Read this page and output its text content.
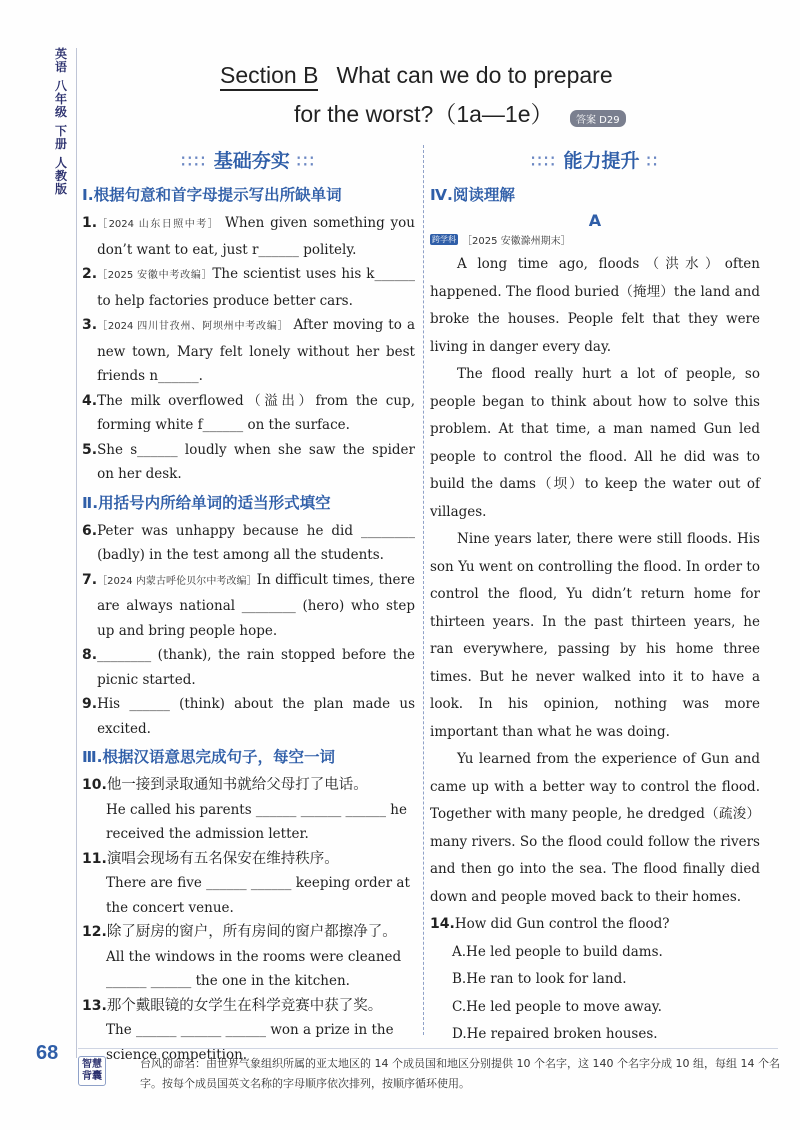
英语
八年级
下册
人教版
Section B What can we do to prepare
for the worst?（1a—1e）	答案 D29
⁚⁚⁚⁚ 基础夯实 ⁚⁚⁚
Ⅰ.根据句意和首字母提示写出所缺单词
1. ［2024 山东日照中考］ When given something you don’t want to eat, just r______ politely.
2. ［2025 安徽中考改编］The scientist uses his k______ to help factories produce better cars.
3. ［2024 四川甘孜州、阿坝州中考改编］ After moving to a new town, Mary felt lonely without her best friends n______.
4. The milk overflowed（溢出）from the cup, forming white f______ on the surface.
5. She s______ loudly when she saw the spider on her desk.
Ⅱ.用括号内所给单词的适当形式填空
6. Peter was unhappy because he did ________ (badly) in the test among all the students.
7. ［2024 内蒙古呼伦贝尔中考改编］In difficult times, there are always national ________ (hero) who step up and bring people hope.
8. ________ (thank), the rain stopped before the picnic started.
9. His ______ (think) about the plan made us excited.
Ⅲ.根据汉语意思完成句子，每空一词
10. 他一接到录取通知书就给父母打了电话。
He called his parents ______ ______ ______ he received the admission letter.
11. 演唱会现场有五名保安在维持秩序。
There are five ______ ______ keeping order at the concert venue.
12. 除了厨房的窗户，所有房间的窗户都擦净了。
All the windows in the rooms were cleaned ______ ______ the one in the kitchen.
13. 那个戴眼镜的女学生在科学竞赛中获了奖。
The ______ ______ ______ won a prize in the science competition.
⁚⁚⁚⁚ 能力提升 ⁚⁚
Ⅳ.阅读理解
A
跨学科 ［2025 安徽滁州期末］

A long time ago, floods（洪水）often happened. The flood buried（掩埋）the land and broke the houses. People felt that they were living in danger every day.

The flood really hurt a lot of people, so people began to think about how to solve this problem. At that time, a man named Gun led people to control the flood. All he did was to build the dams（坝）to keep the water out of villages.

Nine years later, there were still floods. His son Yu went on controlling the flood. In order to control the flood, Yu didn’t return home for thirteen years. In the past thirteen years, he ran everywhere, passing by his home three times. But he never walked into it to have a look. In his opinion, nothing was more important than what he was doing.

Yu learned from the experience of Gun and came up with a better way to control the flood. Together with many people, he dredged（疏浚）many rivers. So the flood could follow the rivers and then go into the sea. The flood finally died down and people moved back to their homes.

14. How did Gun control the flood?
A.He led people to build dams.
B.He ran to look for land.
C.He led people to move away.
D.He repaired broken houses.
68
智慧背囊
台风的命名：由世界气象组织所属的亚太地区的 14 个成员国和地区分别提供 10 个名字，这 140 个名字分成 10 组，每组 14 个名字。按每个成员国英文名称的字母顺序依次排列，按顺序循环使用。
